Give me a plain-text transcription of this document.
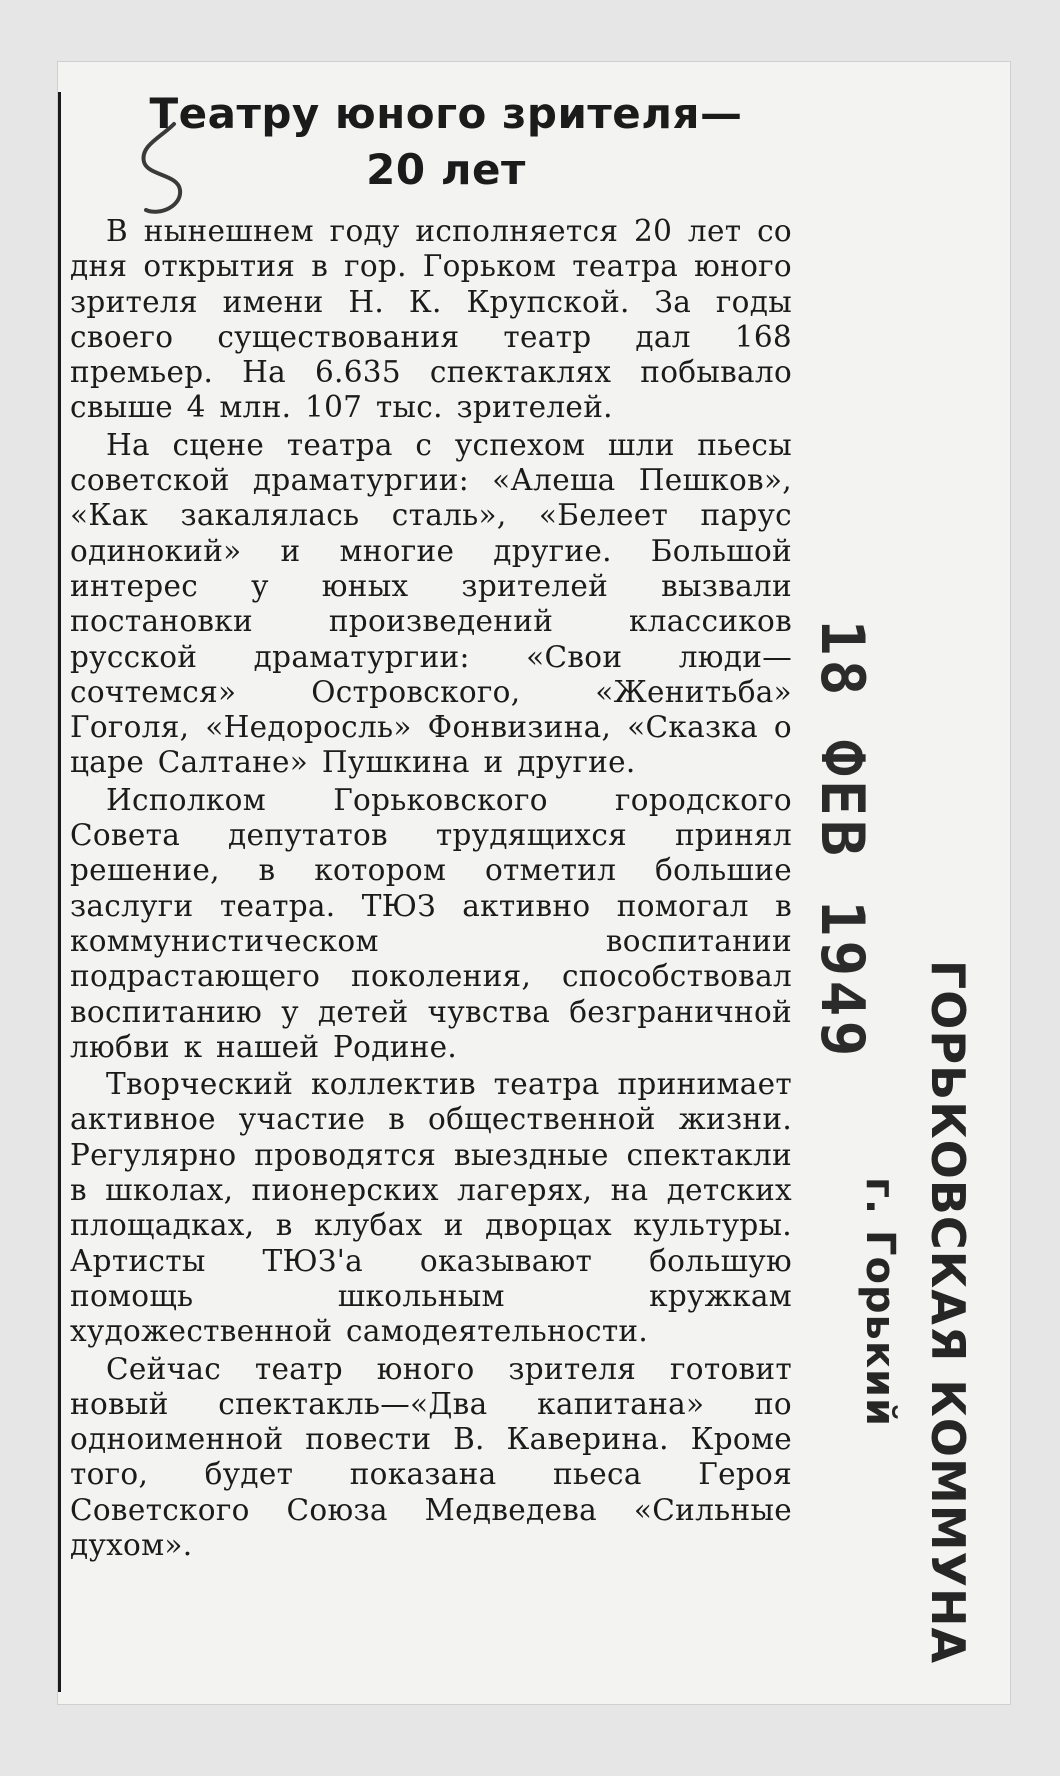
Театру юного зрителя—
20 лет

В нынешнем году исполняется 20 лет со дня открытия в гор. Горьком театра юного зрителя имени Н. К. Крупской. За годы своего существования театр дал 168 премьер. На 6.635 спектаклях побывало свыше 4 млн. 107 тыс. зрителей.

На сцене театра с успехом шли пьесы советской драматургии: «Алеша Пешков», «Как закалялась сталь», «Белеет парус одинокий» и многие другие. Большой интерес у юных зрителей вызвали постановки произведений классиков русской драматургии: «Свои люди—сочтемся» Островского, «Женитьба» Гоголя, «Недоросль» Фонвизина, «Сказка о царе Салтане» Пушкина и другие.

Исполком Горьковского городского Совета депутатов трудящихся принял решение, в котором отметил большие заслуги театра. ТЮЗ активно помогал в коммунистическом воспитании подрастающего поколения, способствовал воспитанию у детей чувства безграничной любви к нашей Родине.

Творческий коллектив театра принимает активное участие в общественной жизни. Регулярно проводятся выездные спектакли в школах, пионерских лагерях, на детских площадках, в клубах и дворцах культуры. Артисты ТЮЗ'а оказывают большую помощь школьным кружкам художественной самодеятельности.

Сейчас театр юного зрителя готовит новый спектакль—«Два капитана» по одноименной повести В. Каверина. Кроме того, будет показана пьеса Героя Советского Союза Медведева «Сильные духом».

18 ФЕВ 1949
ГОРЬКОВСКАЯ КОММУНА
г. Горький
